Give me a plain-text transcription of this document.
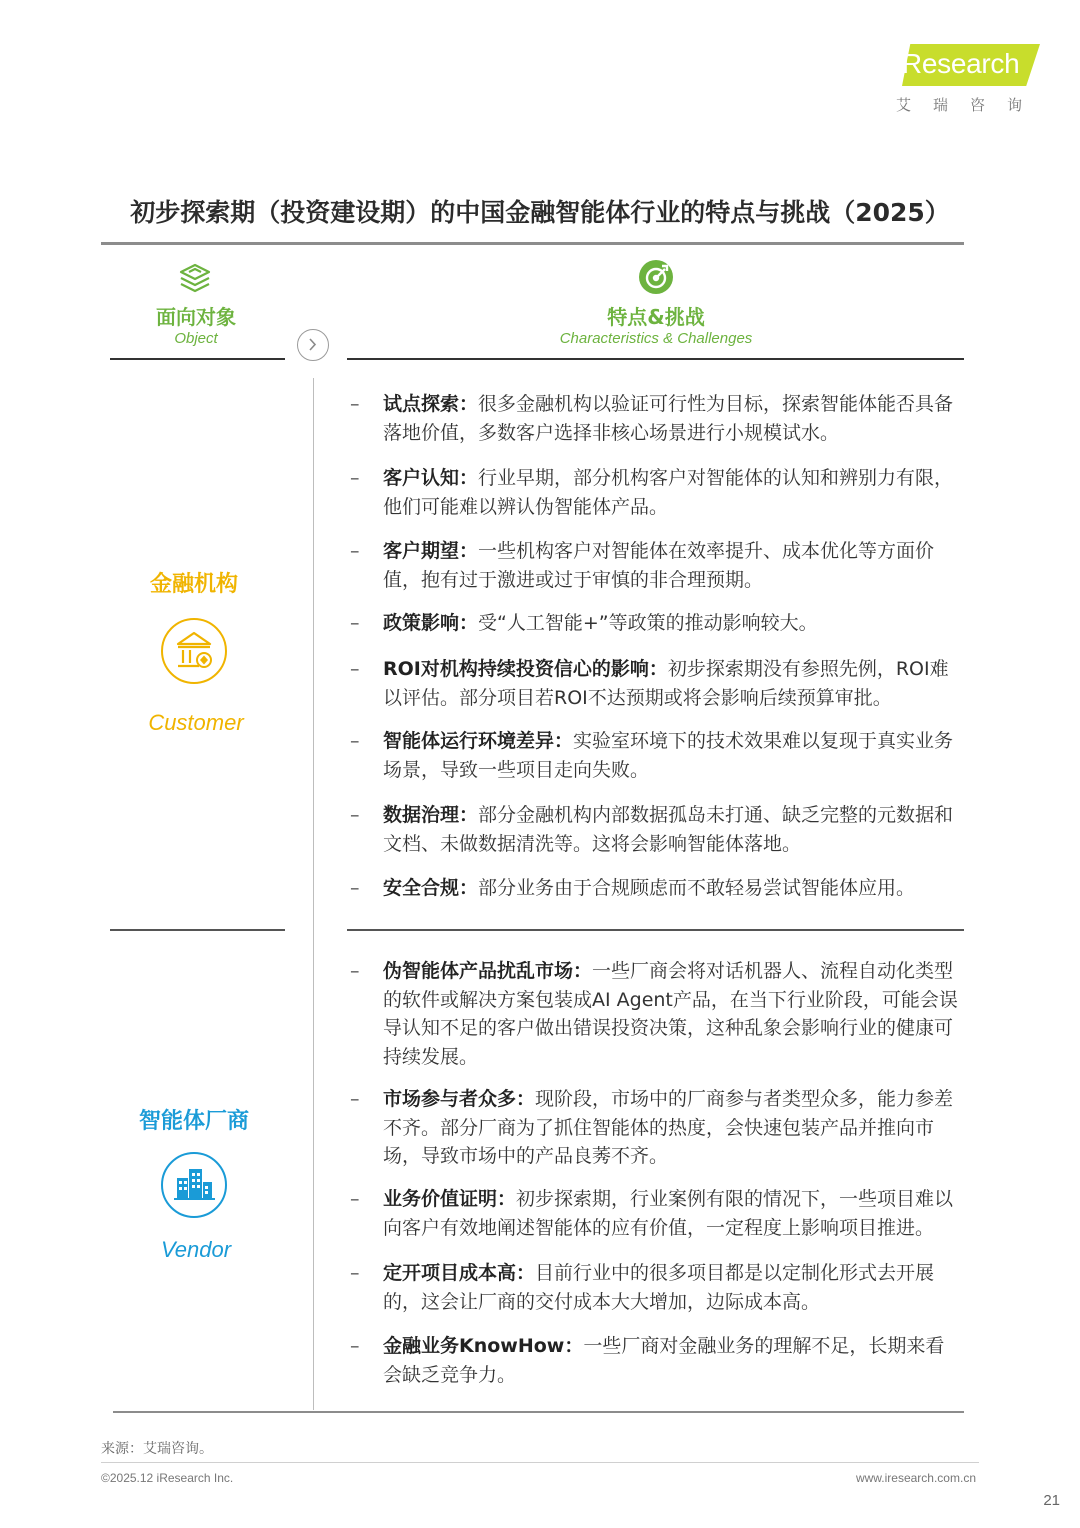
iResearch
艾瑞咨询
初步探索期（投资建设期）的中国金融智能体行业的特点与挑战（2025）
面向对象
Object
特点&挑战
Characteristics & Challenges
金融机构
Customer
– 试点探索：很多金融机构以验证可行性为目标，探索智能体能否具备落地价值，多数客户选择非核心场景进行小规模试水。
– 客户认知：行业早期，部分机构客户对智能体的认知和辨别力有限，他们可能难以辨认伪智能体产品。
– 客户期望：一些机构客户对智能体在效率提升、成本优化等方面价值，抱有过于激进或过于审慎的非合理预期。
– 政策影响：受“人工智能+”等政策的推动影响较大。
– ROI对机构持续投资信心的影响：初步探索期没有参照先例，ROI难以评估。部分项目若ROI不达预期或将会影响后续预算审批。
– 智能体运行环境差异：实验室环境下的技术效果难以复现于真实业务场景，导致一些项目走向失败。
– 数据治理：部分金融机构内部数据孤岛未打通、缺乏完整的元数据和文档、未做数据清洗等。这将会影响智能体落地。
– 安全合规：部分业务由于合规顾虑而不敢轻易尝试智能体应用。
智能体厂商
Vendor
– 伪智能体产品扰乱市场：一些厂商会将对话机器人、流程自动化类型的软件或解决方案包装成AI Agent产品，在当下行业阶段，可能会误导认知不足的客户做出错误投资决策，这种乱象会影响行业的健康可持续发展。
– 市场参与者众多：现阶段，市场中的厂商参与者类型众多，能力参差不齐。部分厂商为了抓住智能体的热度，会快速包装产品并推向市场，导致市场中的产品良莠不齐。
– 业务价值证明：初步探索期，行业案例有限的情况下，一些项目难以向客户有效地阐述智能体的应有价值，一定程度上影响项目推进。
– 定开项目成本高：目前行业中的很多项目都是以定制化形式去开展的，这会让厂商的交付成本大大增加，边际成本高。
– 金融业务KnowHow：一些厂商对金融业务的理解不足，长期来看会缺乏竞争力。
来源：艾瑞咨询。
©2025.12 iResearch Inc.	www.iresearch.com.cn
21
